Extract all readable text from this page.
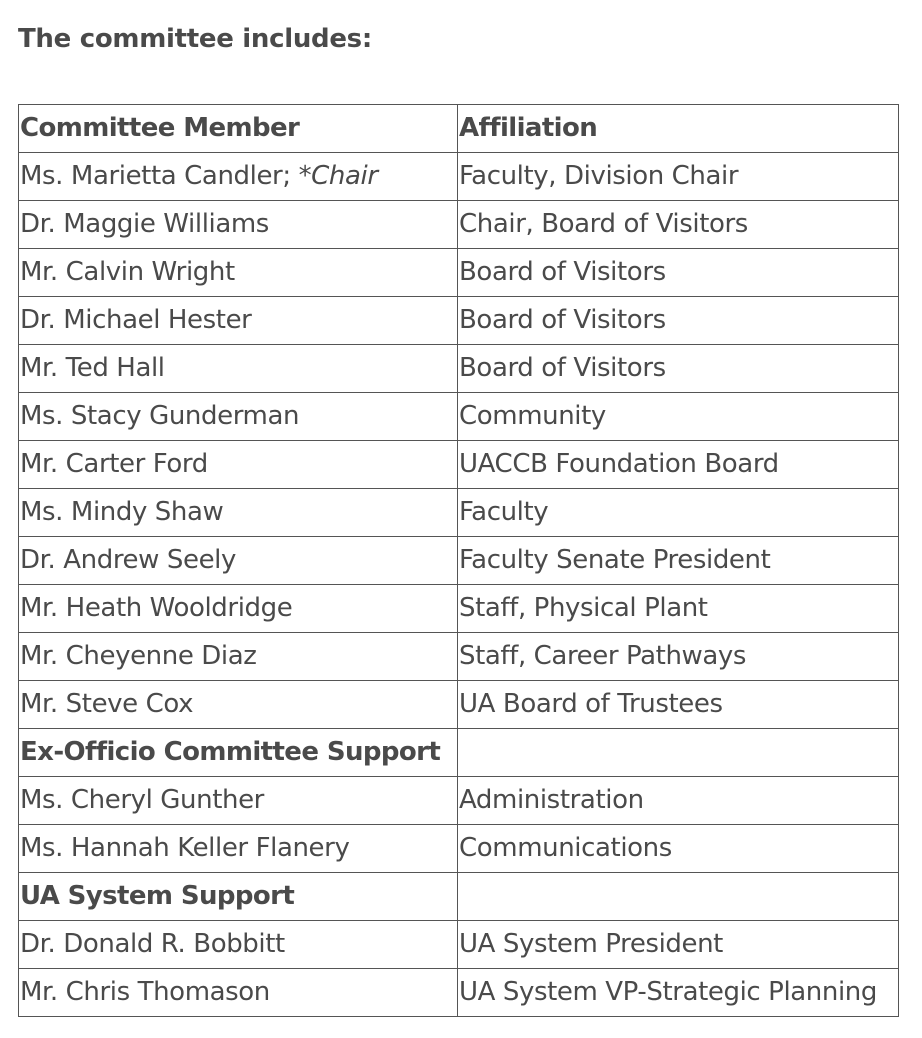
The committee includes:

Committee Member	Affiliation
Ms. Marietta Candler; *Chair	Faculty, Division Chair
Dr. Maggie Williams	Chair, Board of Visitors
Mr. Calvin Wright	Board of Visitors
Dr. Michael Hester	Board of Visitors
Mr. Ted Hall	Board of Visitors
Ms. Stacy Gunderman	Community
Mr. Carter Ford	UACCB Foundation Board
Ms. Mindy Shaw	Faculty
Dr. Andrew Seely	Faculty Senate President
Mr. Heath Wooldridge	Staff, Physical Plant
Mr. Cheyenne Diaz	Staff, Career Pathways
Mr. Steve Cox	UA Board of Trustees
Ex-Officio Committee Support	
Ms. Cheryl Gunther	Administration
Ms. Hannah Keller Flanery	Communications
UA System Support	
Dr. Donald R. Bobbitt	UA System President
Mr. Chris Thomason	UA System VP-Strategic Planning
